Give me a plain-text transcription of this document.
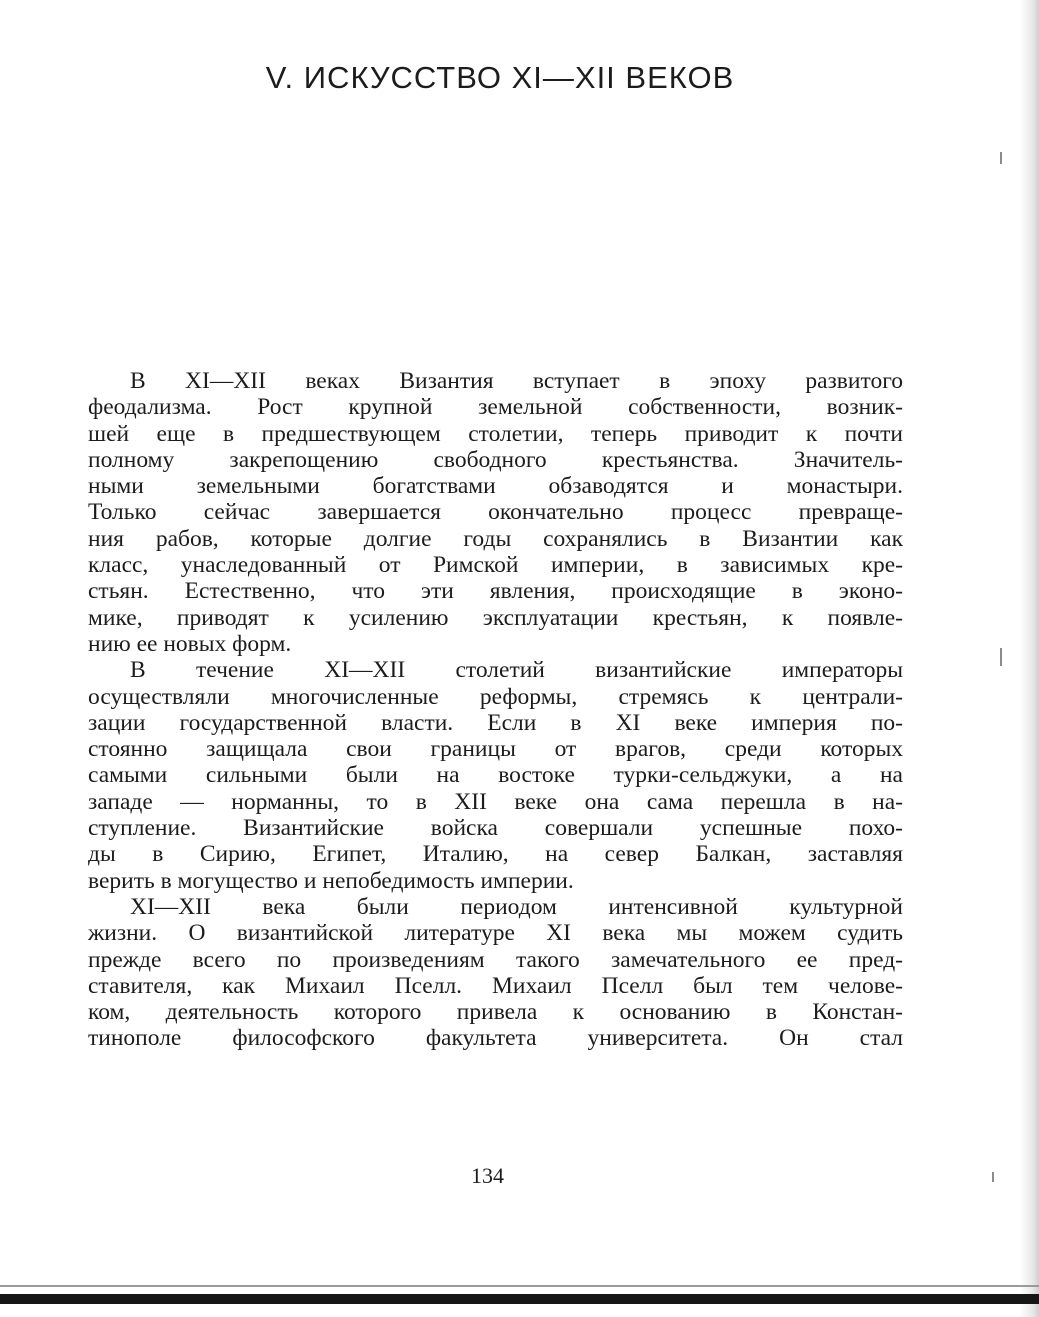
V. ИСКУССТВО XI—XII ВЕКОВ
В XI—XII веках Византия вступает в эпоху развитого
феодализма. Рост крупной земельной собственности, возник-
шей еще в предшествующем столетии, теперь приводит к почти
полному закрепощению свободного крестьянства. Значитель-
ными земельными богатствами обзаводятся и монастыри.
Только сейчас завершается окончательно процесс превраще-
ния рабов, которые долгие годы сохранялись в Византии как
класс, унаследованный от Римской империи, в зависимых кре-
стьян. Естественно, что эти явления, происходящие в эконо-
мике, приводят к усилению эксплуатации крестьян, к появле-
нию ее новых форм.
В течение XI—XII столетий византийские императоры
осуществляли многочисленные реформы, стремясь к централи-
зации государственной власти. Если в XI веке империя по-
стоянно защищала свои границы от врагов, среди которых
самыми сильными были на востоке турки-сельджуки, а на
западе — норманны, то в XII веке она сама перешла в на-
ступление. Византийские войска совершали успешные похо-
ды в Сирию, Египет, Италию, на север Балкан, заставляя
верить в могущество и непобедимость империи.
XI—XII века были периодом интенсивной культурной
жизни. О византийской литературе XI века мы можем судить
прежде всего по произведениям такого замечательного ее пред-
ставителя, как Михаил Пселл. Михаил Пселл был тем челове-
ком, деятельность которого привела к основанию в Констан-
тинополе философского факультета университета. Он стал
134
